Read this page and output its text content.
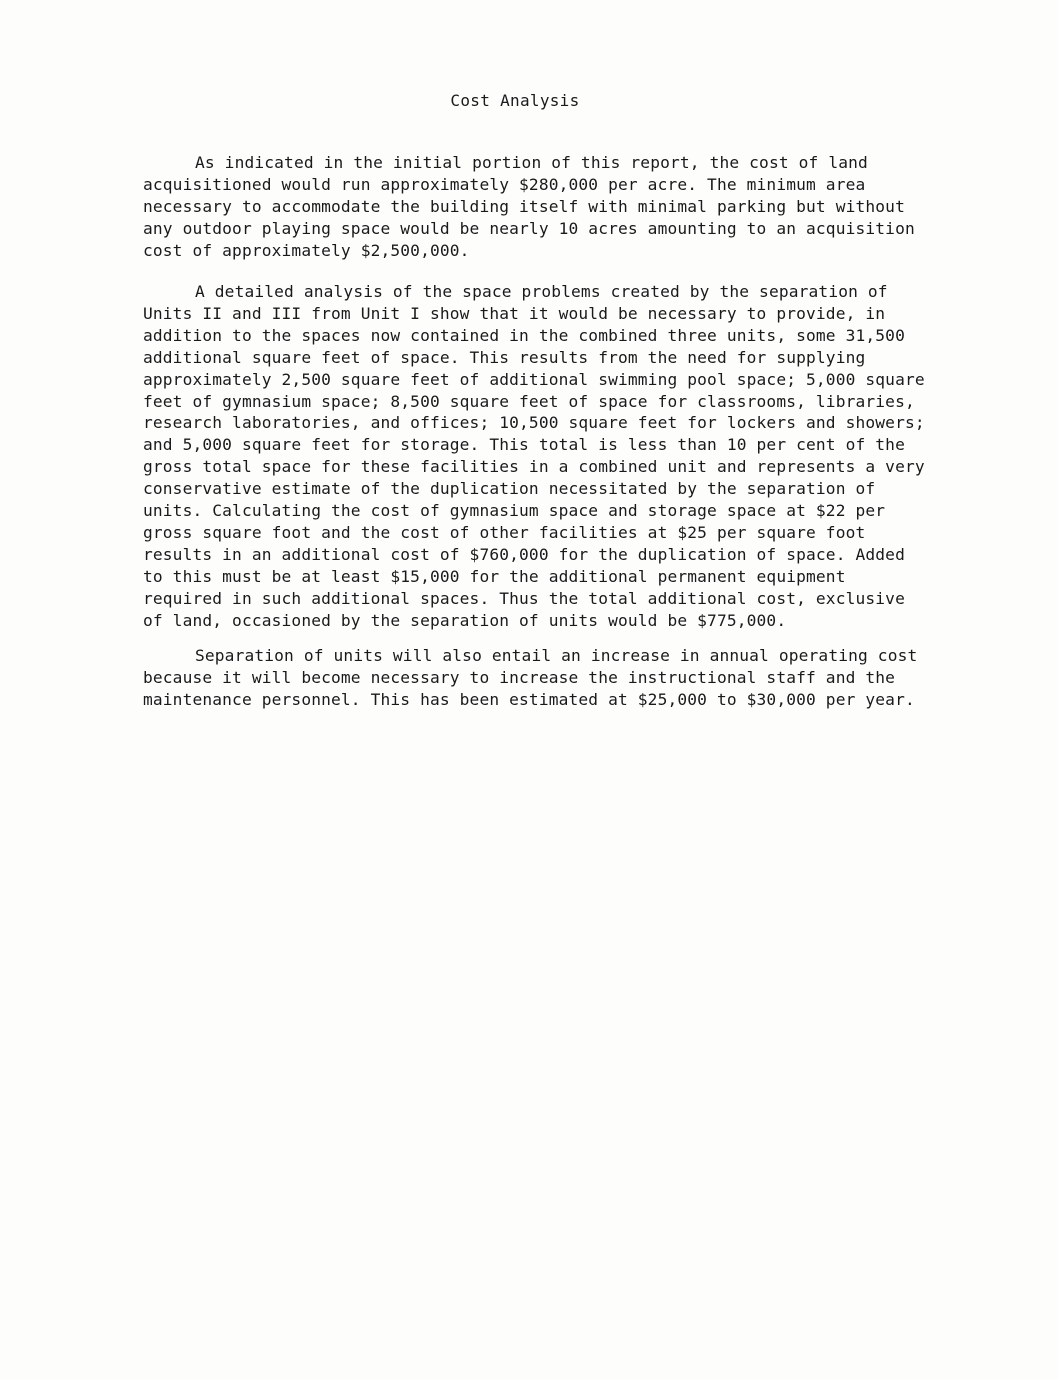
Cost Analysis
As indicated in the initial portion of this report, the cost of land
acquisitioned would run approximately $280,000 per acre. The minimum area
necessary to accommodate the building itself with minimal parking but without
any outdoor playing space would be nearly 10 acres amounting to an acquisition
cost of approximately $2,500,000.
A detailed analysis of the space problems created by the separation of
Units II and III from Unit I show that it would be necessary to provide, in
addition to the spaces now contained in the combined three units, some 31,500
additional square feet of space. This results from the need for supplying
approximately 2,500 square feet of additional swimming pool space; 5,000 square
feet of gymnasium space; 8,500 square feet of space for classrooms, libraries,
research laboratories, and offices; 10,500 square feet for lockers and showers;
and 5,000 square feet for storage. This total is less than 10 per cent of the
gross total space for these facilities in a combined unit and represents a very
conservative estimate of the duplication necessitated by the separation of
units. Calculating the cost of gymnasium space and storage space at $22 per
gross square foot and the cost of other facilities at $25 per square foot
results in an additional cost of $760,000 for the duplication of space. Added
to this must be at least $15,000 for the additional permanent equipment
required in such additional spaces. Thus the total additional cost, exclusive
of land, occasioned by the separation of units would be $775,000.
Separation of units will also entail an increase in annual operating cost
because it will become necessary to increase the instructional staff and the
maintenance personnel. This has been estimated at $25,000 to $30,000 per year.
